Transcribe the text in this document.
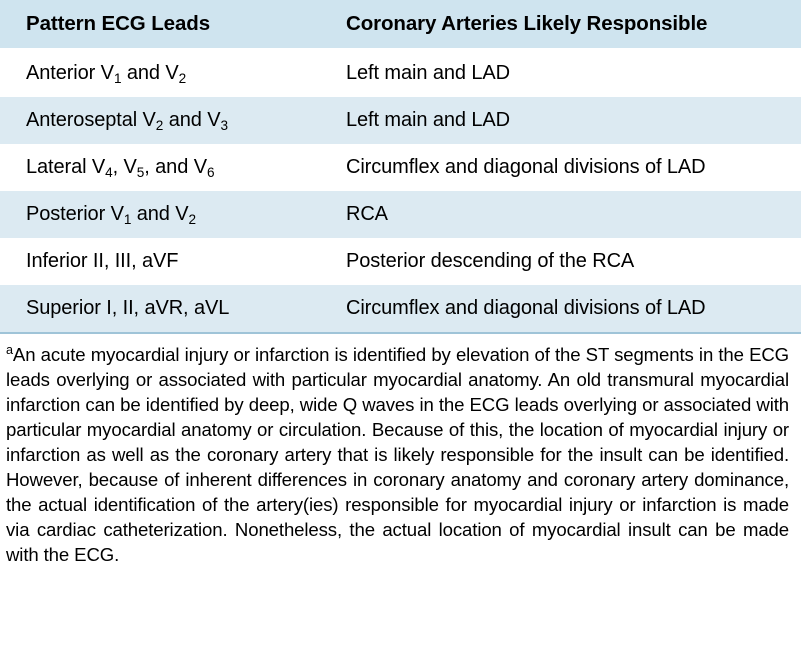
Pattern ECG Leads	Coronary Arteries Likely Responsible
Anterior $V_1$ and $V_2$	Left main and LAD
Anteroseptal $V_2$ and $V_3$	Left main and LAD
Lateral $V_4$, $V_5$, and $V_6$	Circumflex and diagonal divisions of LAD
Posterior $V_1$ and $V_2$	RCA
Inferior II, III, aVF	Posterior descending of the RCA
Superior I, II, aVR, aVL	Circumflex and diagonal divisions of LAD
$^a$An acute myocardial injury or infarction is identified by elevation of the ST segments in the ECG leads overlying or associated with particular myocardial anatomy. An old transmural myocardial infarction can be identified by deep, wide Q waves in the ECG leads overlying or associated with particular myocardial anatomy or circulation. Because of this, the location of myocardial injury or infarction as well as the coronary artery that is likely responsible for the insult can be identified. However, because of inherent differences in coronary anatomy and coronary artery dominance, the actual identification of the artery(ies) responsible for myocardial injury or infarction is made via cardiac catheterization. Nonetheless, the actual location of myocardial insult can be made with the ECG.
